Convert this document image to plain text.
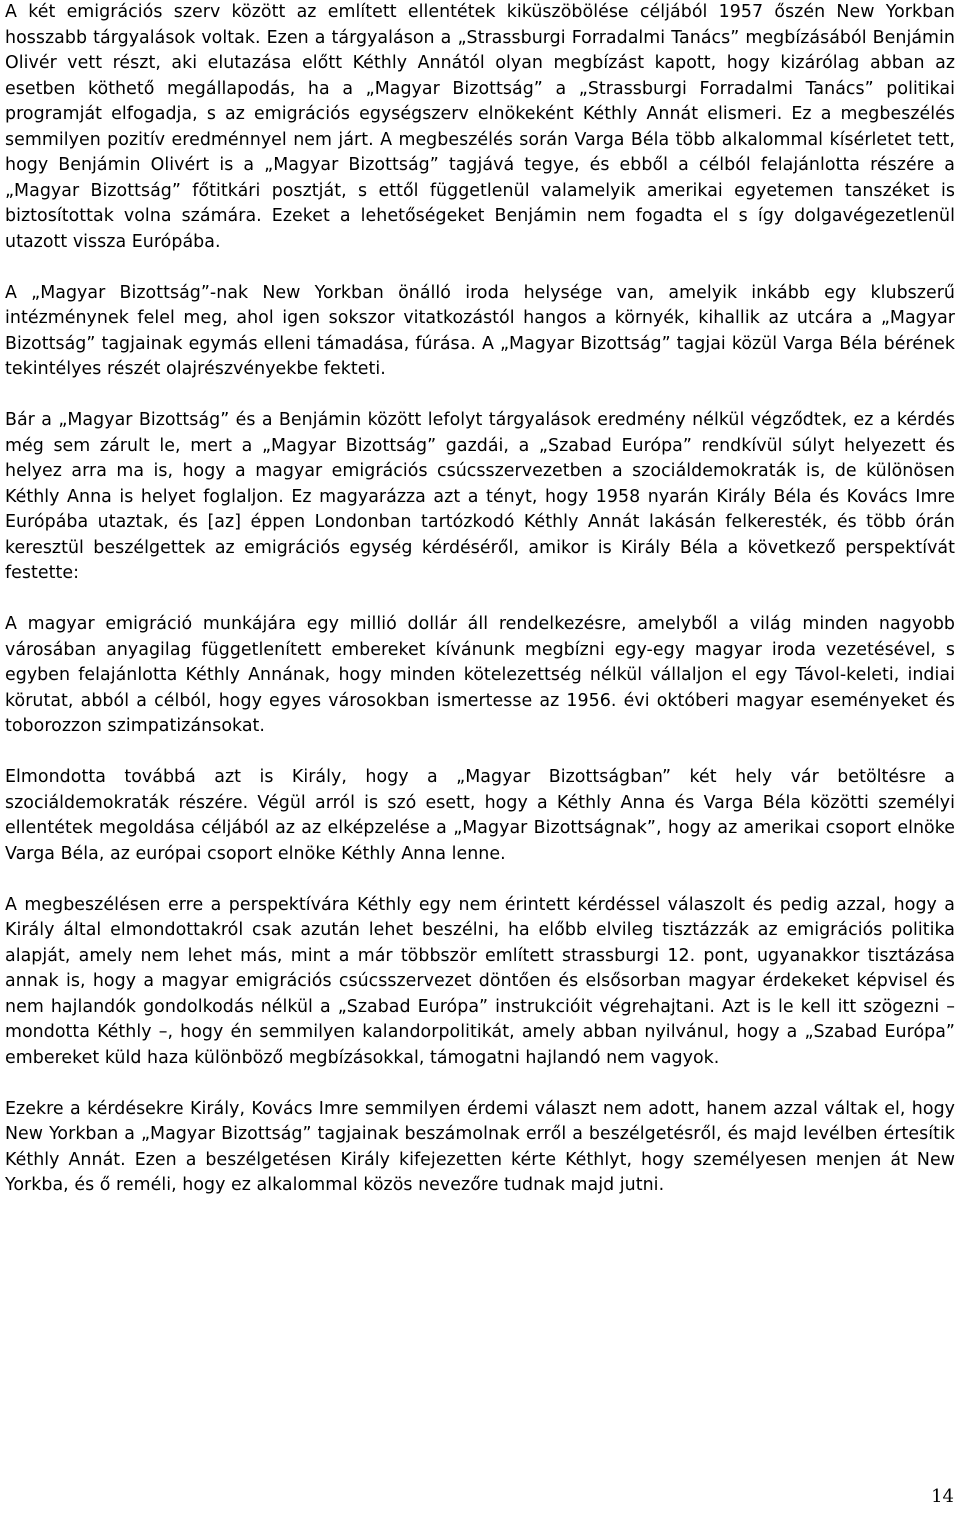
A két emigrációs szerv között az említett ellentétek kiküszöbölése céljából 1957 őszén New Yorkban hosszabb tárgyalások voltak. Ezen a tárgyaláson a „Strassburgi Forradalmi Tanács” megbízásából Benjámin Olivér vett részt, aki elutazása előtt Kéthly Annától olyan megbízást kapott, hogy kizárólag abban az esetben köthető megállapodás, ha a „Magyar Bizottság” a „Strassburgi Forradalmi Tanács” politikai programját elfogadja, s az emigrációs egységszerv elnökeként Kéthly Annát elismeri. Ez a megbeszélés semmilyen pozitív eredménnyel nem járt. A megbeszélés során Varga Béla több alkalommal kísérletet tett, hogy Benjámin Olivért is a „Magyar Bizottság” tagjává tegye, és ebből a célból felajánlotta részére a „Magyar Bizottság” főtitkári posztját, s ettől függetlenül valamelyik amerikai egyetemen tanszéket is biztosítottak volna számára. Ezeket a lehetőségeket Benjámin nem fogadta el s így dolgavégezetlenül utazott vissza Európába.

A „Magyar Bizottság”-nak New Yorkban önálló iroda helysége van, amelyik inkább egy klubszerű intézménynek felel meg, ahol igen sokszor vitatkozástól hangos a környék, kihallik az utcára a „Magyar Bizottság” tagjainak egymás elleni támadása, fúrása. A „Magyar Bizottság” tagjai közül Varga Béla bérének tekintélyes részét olajrészvényekbe fekteti.

Bár a „Magyar Bizottság” és a Benjámin között lefolyt tárgyalások eredmény nélkül végződtek, ez a kérdés még sem zárult le, mert a „Magyar Bizottság” gazdái, a „Szabad Európa” rendkívül súlyt helyezett és helyez arra ma is, hogy a magyar emigrációs csúcsszervezetben a szociáldemokraták is, de különösen Kéthly Anna is helyet foglaljon. Ez magyarázza azt a tényt, hogy 1958 nyarán Király Béla és Kovács Imre Európába utaztak, és [az] éppen Londonban tartózkodó Kéthly Annát lakásán felkeresték, és több órán keresztül beszélgettek az emigrációs egység kérdéséről, amikor is Király Béla a következő perspektívát festette:

A magyar emigráció munkájára egy millió dollár áll rendelkezésre, amelyből a világ minden nagyobb városában anyagilag függetlenített embereket kívánunk megbízni egy-egy magyar iroda vezetésével, s egyben felajánlotta Kéthly Annának, hogy minden kötelezettség nélkül vállaljon el egy Távol-keleti, indiai körutat, abból a célból, hogy egyes városokban ismertesse az 1956. évi októberi magyar eseményeket és toborozzon szimpatizánsokat.

Elmondotta továbbá azt is Király, hogy a „Magyar Bizottságban” két hely vár betöltésre a szociáldemokraták részére. Végül arról is szó esett, hogy a Kéthly Anna és Varga Béla közötti személyi ellentétek megoldása céljából az az elképzelése a „Magyar Bizottságnak”, hogy az amerikai csoport elnöke Varga Béla, az európai csoport elnöke Kéthly Anna lenne.

A megbeszélésen erre a perspektívára Kéthly egy nem érintett kérdéssel válaszolt és pedig azzal, hogy a Király által elmondottakról csak azután lehet beszélni, ha előbb elvileg tisztázzák az emigrációs politika alapját, amely nem lehet más, mint a már többször említett strassburgi 12. pont, ugyanakkor tisztázása annak is, hogy a magyar emigrációs csúcsszervezet döntően és elsősorban magyar érdekeket képvisel és nem hajlandók gondolkodás nélkül a „Szabad Európa” instrukcióit végrehajtani. Azt is le kell itt szögezni – mondotta Kéthly –, hogy én semmilyen kalandorpolitikát, amely abban nyilvánul, hogy a „Szabad Európa” embereket küld haza különböző megbízásokkal, támogatni hajlandó nem vagyok.

Ezekre a kérdésekre Király, Kovács Imre semmilyen érdemi választ nem adott, hanem azzal váltak el, hogy New Yorkban a „Magyar Bizottság” tagjainak beszámolnak erről a beszélgetésről, és majd levélben értesítik Kéthly Annát. Ezen a beszélgetésen Király kifejezetten kérte Kéthlyt, hogy személyesen menjen át New Yorkba, és ő reméli, hogy ez alkalommal közös nevezőre tudnak majd jutni.

14
